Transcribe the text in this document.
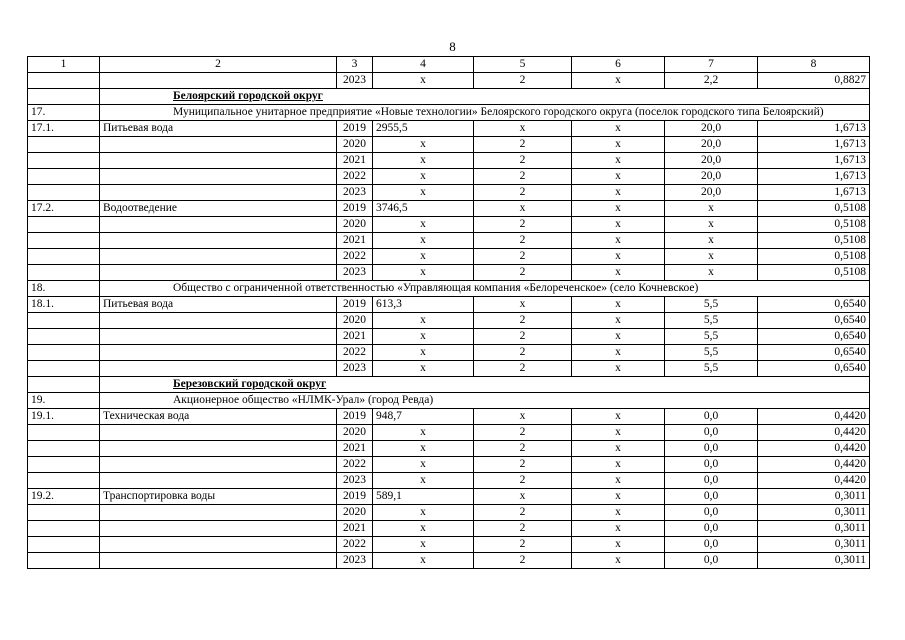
8
1	2	3	4	5	6	7	8
		2023	x	2	x	2,2	0,8827
	Белоярский городской округ						
17.	Муниципальное унитарное предприятие «Новые технологии» Белоярского городского округа (поселок городского типа Белоярский)						
17.1.	Питьевая вода	2019	2955,5	x	x	20,0	1,6713
		2020	x	2	x	20,0	1,6713
		2021	x	2	x	20,0	1,6713
		2022	x	2	x	20,0	1,6713
		2023	x	2	x	20,0	1,6713
17.2.	Водоотведение	2019	3746,5	x	x	x	0,5108
		2020	x	2	x	x	0,5108
		2021	x	2	x	x	0,5108
		2022	x	2	x	x	0,5108
		2023	x	2	x	x	0,5108
18.	Общество с ограниченной ответственностью «Управляющая компания «Белореченское» (село Кочневское)						
18.1.	Питьевая вода	2019	613,3	x	x	5,5	0,6540
		2020	x	2	x	5,5	0,6540
		2021	x	2	x	5,5	0,6540
		2022	x	2	x	5,5	0,6540
		2023	x	2	x	5,5	0,6540
	Березовский городской округ						
19.	Акционерное общество «НЛМК-Урал» (город Ревда)						
19.1.	Техническая вода	2019	948,7	x	x	0,0	0,4420
		2020	x	2	x	0,0	0,4420
		2021	x	2	x	0,0	0,4420
		2022	x	2	x	0,0	0,4420
		2023	x	2	x	0,0	0,4420
19.2.	Транспортировка воды	2019	589,1	x	x	0,0	0,3011
		2020	x	2	x	0,0	0,3011
		2021	x	2	x	0,0	0,3011
		2022	x	2	x	0,0	0,3011
		2023	x	2	x	0,0	0,3011
